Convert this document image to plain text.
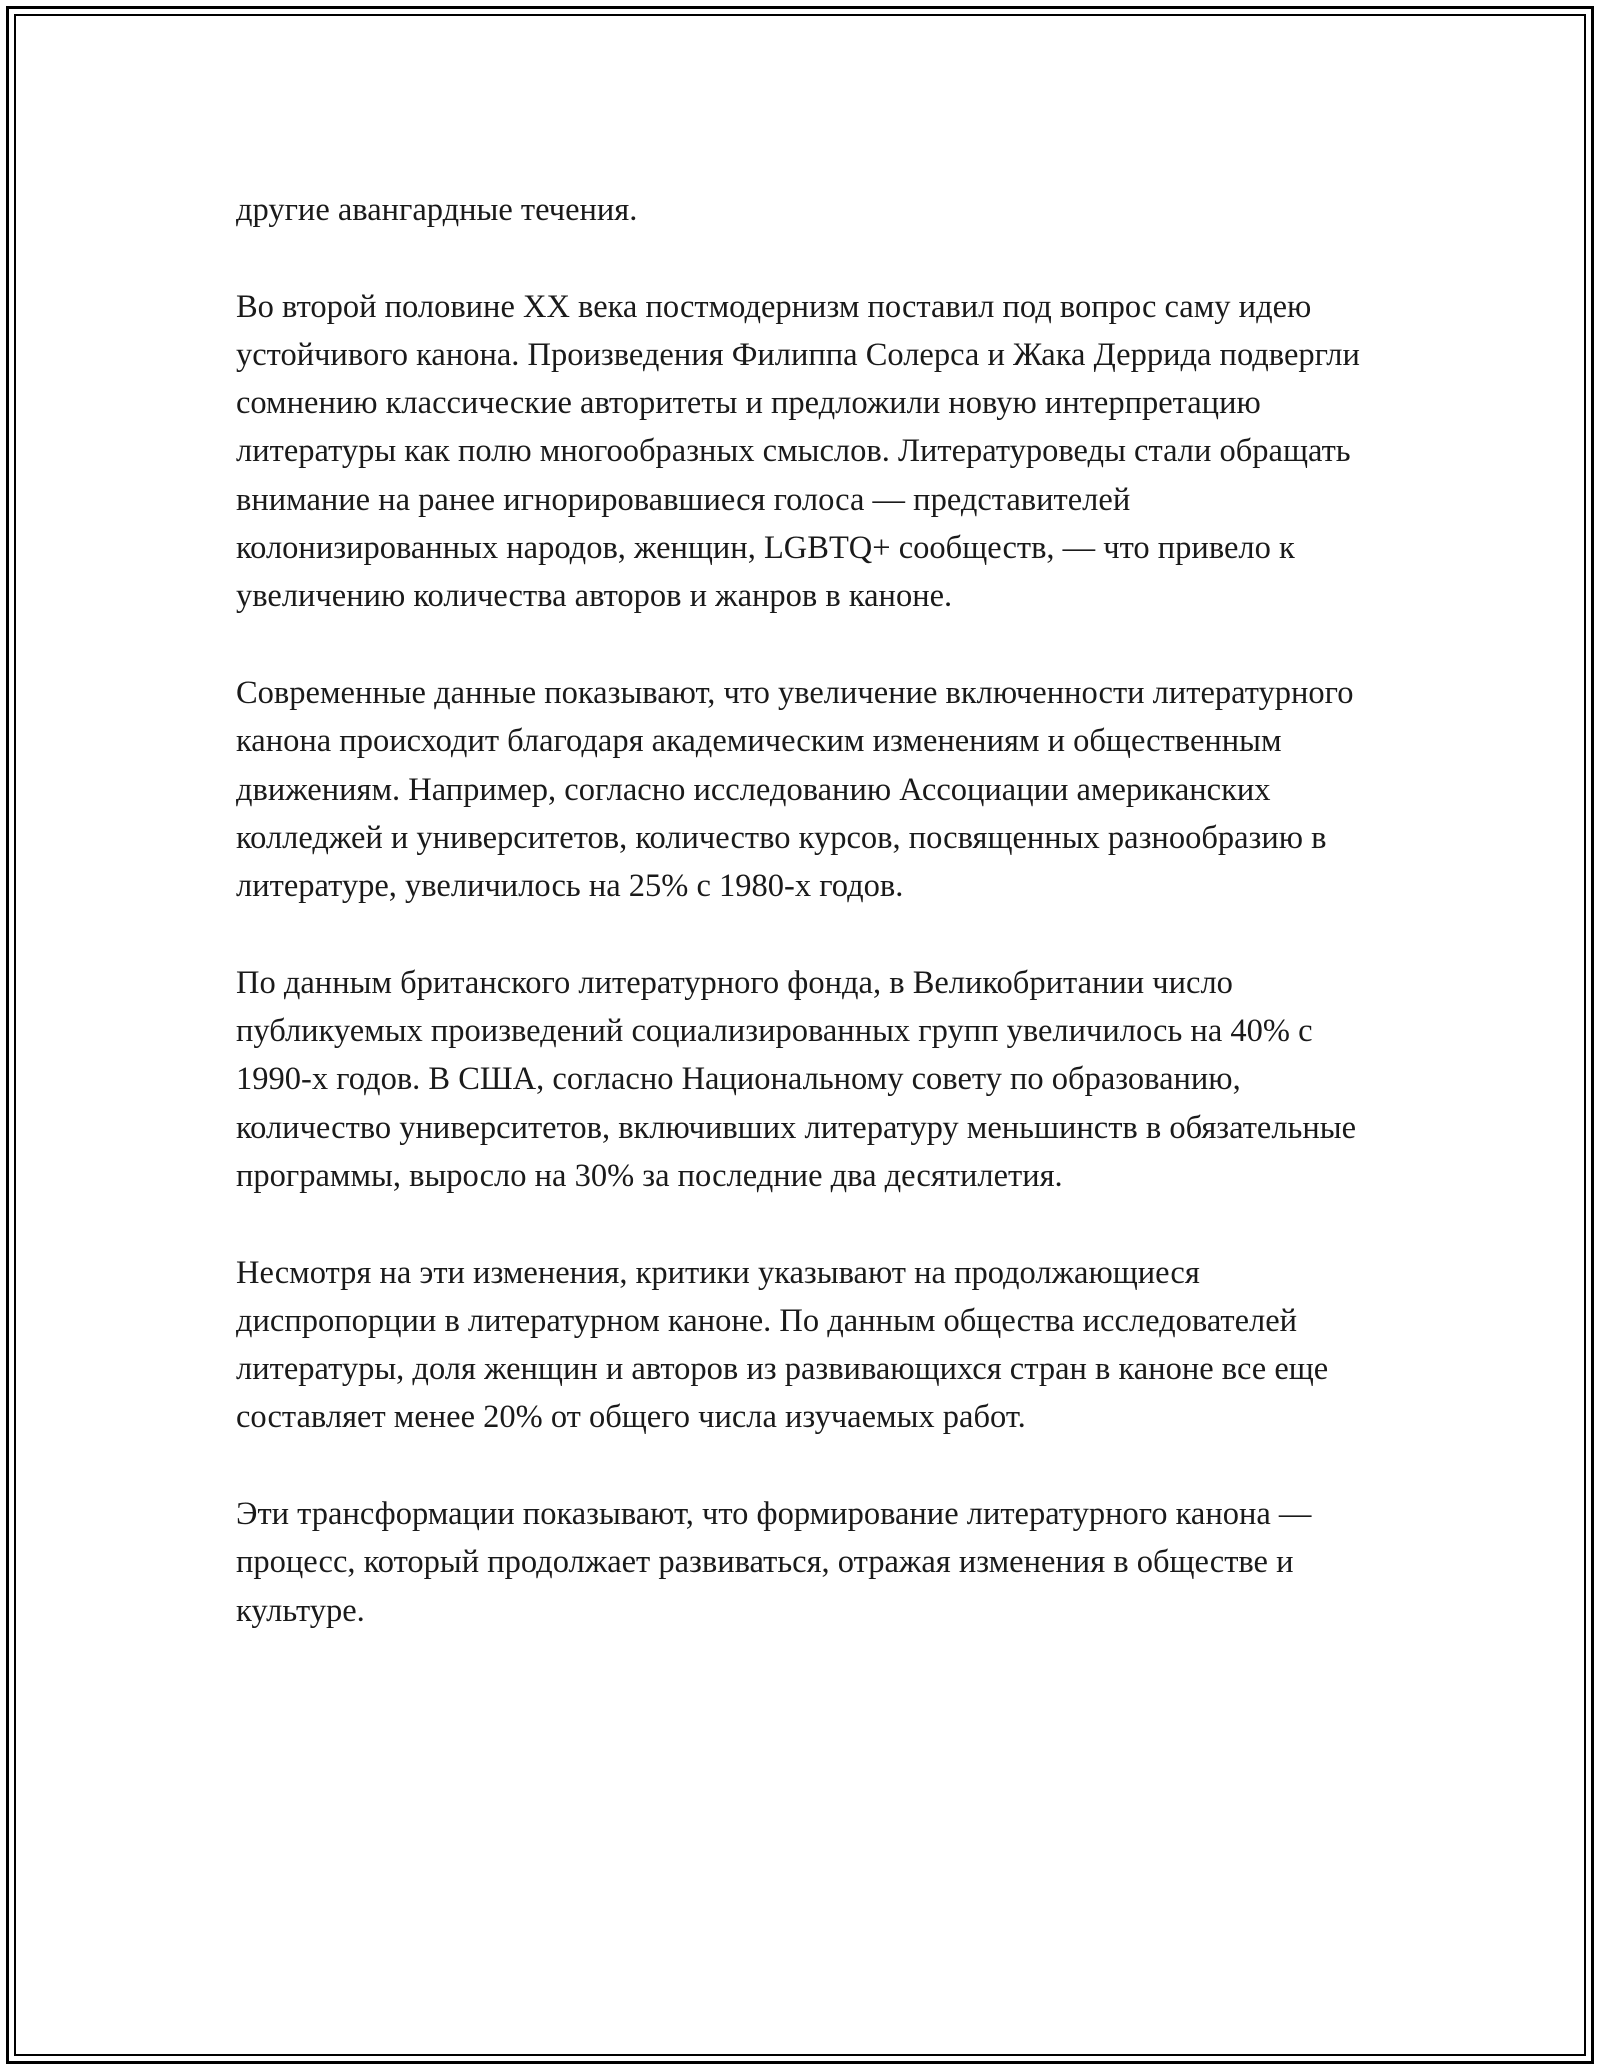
другие авангардные течения.

Во второй половине XX века постмодернизм поставил под вопрос саму идею устойчивого канона. Произведения Филиппа Солерса и Жака Деррида подвергли сомнению классические авторитеты и предложили новую интерпретацию литературы как полю многообразных смыслов. Литературоведы стали обращать внимание на ранее игнорировавшиеся голоса — представителей колонизированных народов, женщин, LGBTQ+ сообществ, — что привело к увеличению количества авторов и жанров в каноне.

Современные данные показывают, что увеличение включенности литературного канона происходит благодаря академическим изменениям и общественным движениям. Например, согласно исследованию Ассоциации американских колледжей и университетов, количество курсов, посвященных разнообразию в литературе, увеличилось на 25% с 1980-х годов.

По данным британского литературного фонда, в Великобритании число публикуемых произведений социализированных групп увеличилось на 40% с 1990-х годов. В США, согласно Национальному совету по образованию, количество университетов, включивших литературу меньшинств в обязательные программы, выросло на 30% за последние два десятилетия.

Несмотря на эти изменения, критики указывают на продолжающиеся диспропорции в литературном каноне. По данным общества исследователей литературы, доля женщин и авторов из развивающихся стран в каноне все еще составляет менее 20% от общего числа изучаемых работ.

Эти трансформации показывают, что формирование литературного канона — процесс, который продолжает развиваться, отражая изменения в обществе и культуре.
